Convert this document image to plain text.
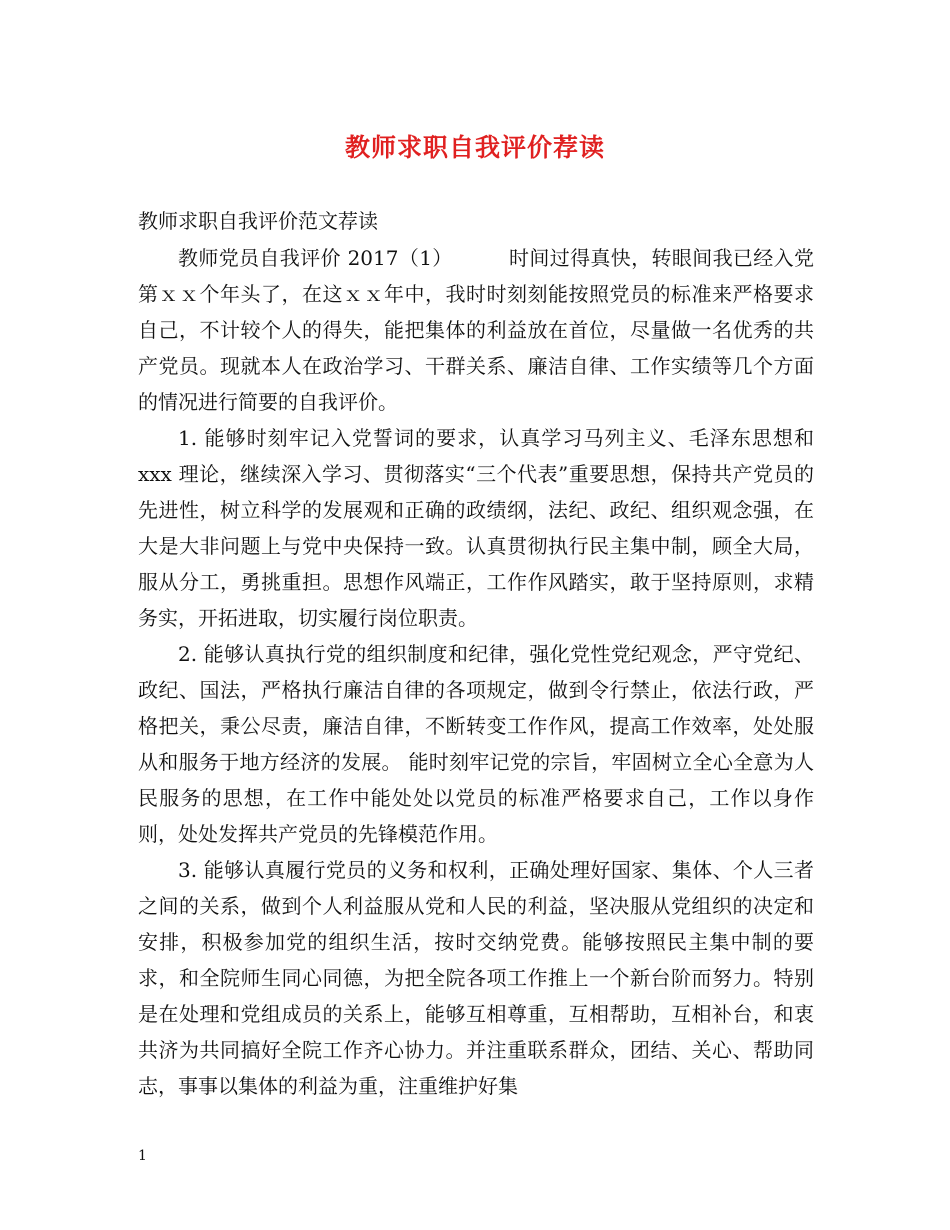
教师求职自我评价荐读
教师求职自我评价范文荐读

教师党员自我评价 2017（1）	时间过得真快，转眼间我已经入党第ｘｘ个年头了，在这ｘｘ年中，我时时刻刻能按照党员的标准来严格要求自己，不计较个人的得失，能把集体的利益放在首位，尽量做一名优秀的共产党员。现就本人在政治学习、干群关系、廉洁自律、工作实绩等几个方面的情况进行简要的自我评价。

1. 能够时刻牢记入党誓词的要求，认真学习马列主义、毛泽东思想和 xxx 理论，继续深入学习、贯彻落实“三个代表”重要思想，保持共产党员的先进性，树立科学的发展观和正确的政绩纲，法纪、政纪、组织观念强，在大是大非问题上与党中央保持一致。认真贯彻执行民主集中制，顾全大局，服从分工，勇挑重担。思想作风端正，工作作风踏实，敢于坚持原则，求精务实，开拓进取，切实履行岗位职责。

2. 能够认真执行党的组织制度和纪律，强化党性党纪观念，严守党纪、政纪、国法，严格执行廉洁自律的各项规定，做到令行禁止，依法行政，严格把关，秉公尽责，廉洁自律，不断转变工作作风，提高工作效率，处处服从和服务于地方经济的发展。 能时刻牢记党的宗旨，牢固树立全心全意为人民服务的思想，在工作中能处处以党员的标准严格要求自己，工作以身作则，处处发挥共产党员的先锋模范作用。

3. 能够认真履行党员的义务和权利，正确处理好国家、集体、个人三者之间的关系，做到个人利益服从党和人民的利益，坚决服从党组织的决定和安排，积极参加党的组织生活，按时交纳党费。能够按照民主集中制的要求，和全院师生同心同德，为把全院各项工作推上一个新台阶而努力。特别是在处理和党组成员的关系上，能够互相尊重，互相帮助，互相补台，和衷共济为共同搞好全院工作齐心协力。并注重联系群众，团结、关心、帮助同志，事事以集体的利益为重，注重维护好集

1
